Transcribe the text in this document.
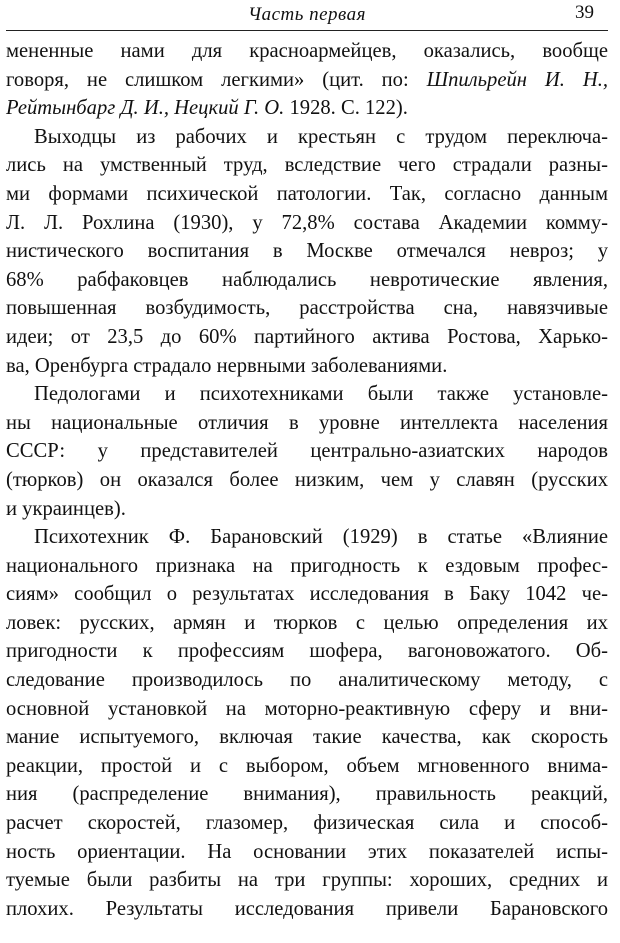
Часть первая	39

мененные нами для красноармейцев, оказались, вообще
говоря, не слишком легкими» (цит. по: Шпильрейн И. Н.,
Рейтынбарг Д. И., Нецкий Г. О. 1928. С. 122).

Выходцы из рабочих и крестьян с трудом переключа-
лись на умственный труд, вследствие чего страдали разны-
ми формами психической патологии. Так, согласно данным
Л. Л. Рохлина (1930), у 72,8% состава Академии комму-
нистического воспитания в Москве отмечался невроз; у
68% рабфаковцев наблюдались невротические явления,
повышенная возбудимость, расстройства сна, навязчивые
идеи; от 23,5 до 60% партийного актива Ростова, Харько-
ва, Оренбурга страдало нервными заболеваниями.

Педологами и психотехниками были также установле-
ны национальные отличия в уровне интеллекта населения
СССР: у представителей центрально-азиатских народов
(тюрков) он оказался более низким, чем у славян (русских
и украинцев).

Психотехник Ф. Барановский (1929) в статье «Влияние
национального признака на пригодность к ездовым профес-
сиям» сообщил о результатах исследования в Баку 1042 че-
ловек: русских, армян и тюрков с целью определения их
пригодности к профессиям шофера, вагоновожатого. Об-
следование производилось по аналитическому методу, с
основной установкой на моторно-реактивную сферу и вни-
мание испытуемого, включая такие качества, как скорость
реакции, простой и с выбором, объем мгновенного внима-
ния (распределение внимания), правильность реакций,
расчет скоростей, глазомер, физическая сила и способ-
ность ориентации. На основании этих показателей испы-
туемые были разбиты на три группы: хороших, средних и
плохих. Результаты исследования привели Барановского
